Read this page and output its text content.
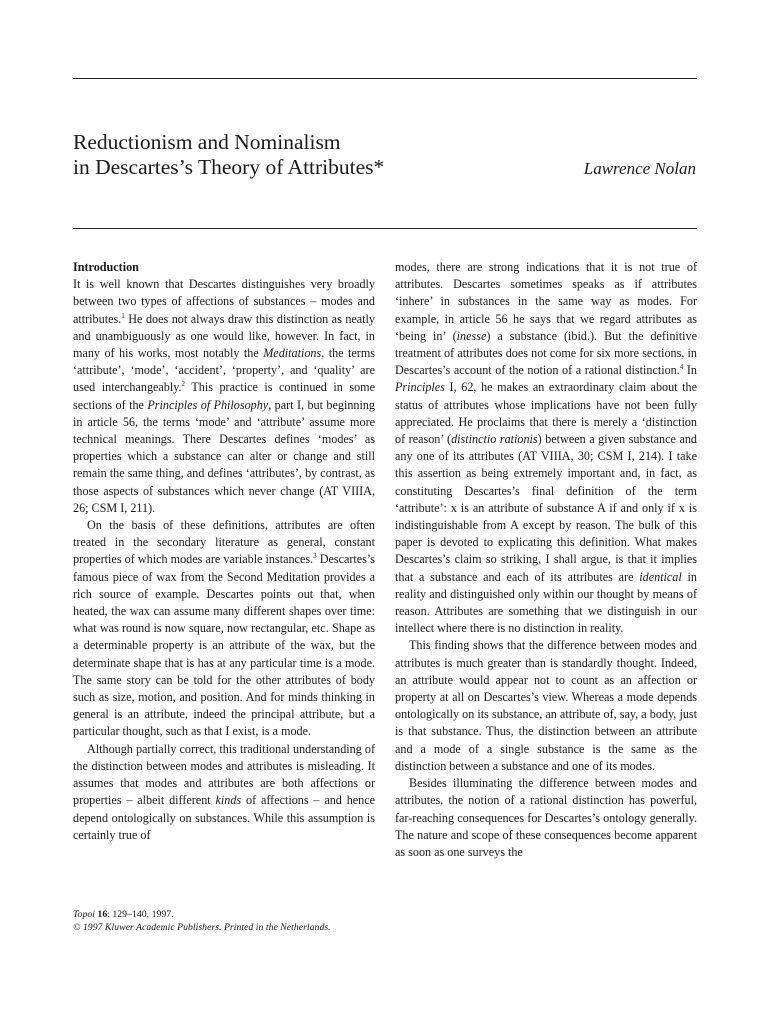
Reductionism and Nominalism
in Descartes’s Theory of Attributes*	Lawrence Nolan

Introduction

It is well known that Descartes distinguishes very broadly between two types of affections of substances – modes and attributes.$^1$ He does not always draw this distinction as neatly and unambiguously as one would like, however. In fact, in many of his works, most notably the Meditations, the terms ‘attribute’, ‘mode’, ‘accident’, ‘property’, and ‘quality’ are used interchangeably.$^2$ This practice is continued in some sections of the Principles of Philosophy, part I, but beginning in article 56, the terms ‘mode’ and ‘attribute’ assume more technical meanings. There Descartes defines ‘modes’ as properties which a substance can alter or change and still remain the same thing, and defines ‘attributes’, by contrast, as those aspects of substances which never change (AT VIIIA, 26; CSM I, 211).

On the basis of these definitions, attributes are often treated in the secondary literature as general, constant properties of which modes are variable instances.$^3$ Descartes’s famous piece of wax from the Second Meditation provides a rich source of example. Descartes points out that, when heated, the wax can assume many different shapes over time: what was round is now square, now rectangular, etc. Shape as a determinable property is an attribute of the wax, but the determinate shape that is has at any particular time is a mode. The same story can be told for the other attributes of body such as size, motion, and position. And for minds thinking in general is an attribute, indeed the principal attribute, but a particular thought, such as that I exist, is a mode.

Although partially correct, this traditional understanding of the distinction between modes and attributes is misleading. It assumes that modes and attributes are both affections or properties – albeit different kinds of affections – and hence depend ontologically on substances. While this assumption is certainly true of

modes, there are strong indications that it is not true of attributes. Descartes sometimes speaks as if attributes ‘inhere’ in substances in the same way as modes. For example, in article 56 he says that we regard attributes as ‘being in’ (inesse) a substance (ibid.). But the definitive treatment of attributes does not come for six more sections, in Descartes’s account of the notion of a rational distinction.$^4$ In Principles I, 62, he makes an extraordinary claim about the status of attributes whose implications have not been fully appreciated. He proclaims that there is merely a ‘distinction of reason’ (distinctio rationis) between a given substance and any one of its attributes (AT VIIIA, 30; CSM I, 214). I take this assertion as being extremely important and, in fact, as constituting Descartes’s final definition of the term ‘attribute’: x is an attribute of substance A if and only if x is indistinguishable from A except by reason. The bulk of this paper is devoted to explicating this definition. What makes Descartes’s claim so striking, I shall argue, is that it implies that a substance and each of its attributes are identical in reality and distinguished only within our thought by means of reason. Attributes are something that we distinguish in our intellect where there is no distinction in reality.

This finding shows that the difference between modes and attributes is much greater than is standardly thought. Indeed, an attribute would appear not to count as an affection or property at all on Descartes’s view. Whereas a mode depends ontologically on its substance, an attribute of, say, a body, just is that substance. Thus, the distinction between an attribute and a mode of a single substance is the same as the distinction between a substance and one of its modes.

Besides illuminating the difference between modes and attributes, the notion of a rational distinction has powerful, far-reaching consequences for Descartes’s ontology generally. The nature and scope of these consequences become apparent as soon as one surveys the

Topoi 16: 129–140, 1997.
© 1997 Kluwer Academic Publishers. Printed in the Netherlands.
